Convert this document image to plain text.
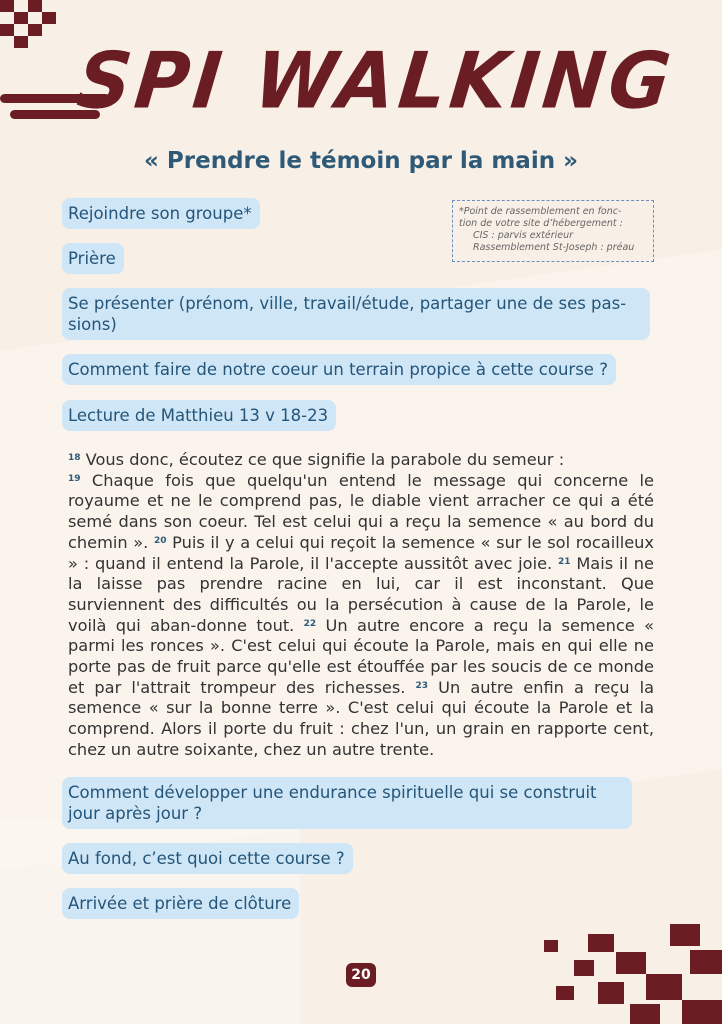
SPI WALKING
« Prendre le témoin par la main »
Rejoindre son groupe*	*Point de rassemblement en fonc-
tion de votre site d’hébergement :
CIS : parvis extérieur
Rassemblement St-Joseph : préau
Prière
Se présenter (prénom, ville, travail/étude, partager une de ses pas-sions)
Comment faire de notre coeur un terrain propice à cette course ?
Lecture de Matthieu 13 v 18-23
$^{18}$ Vous donc, écoutez ce que signifie la parabole du semeur :
$^{19}$ Chaque fois que quelqu'un entend le message qui concerne le royaume et ne le comprend pas, le diable vient arracher ce qui a été semé dans son coeur. Tel est celui qui a reçu la semence « au bord du chemin ». $^{20}$ Puis il y a celui qui reçoit la semence « sur le sol rocailleux » : quand il entend la Parole, il l'accepte aussitôt avec joie. $^{21}$ Mais il ne la laisse pas prendre racine en lui, car il est inconstant. Que surviennent des difficultés ou la persécution à cause de la Parole, le voilà qui aban-donne tout. $^{22}$ Un autre encore a reçu la semence « parmi les ronces ». C'est celui qui écoute la Parole, mais en qui elle ne porte pas de fruit parce qu'elle est étouffée par les soucis de ce monde et par l'attrait trompeur des richesses. $^{23}$ Un autre enfin a reçu la semence « sur la bonne terre ». C'est celui qui écoute la Parole et la comprend. Alors il porte du fruit : chez l'un, un grain en rapporte cent, chez un autre soixante, chez un autre trente.
Comment développer une endurance spirituelle qui se construit jour après jour ?
Au fond, c’est quoi cette course ?
Arrivée et prière de clôture
20
